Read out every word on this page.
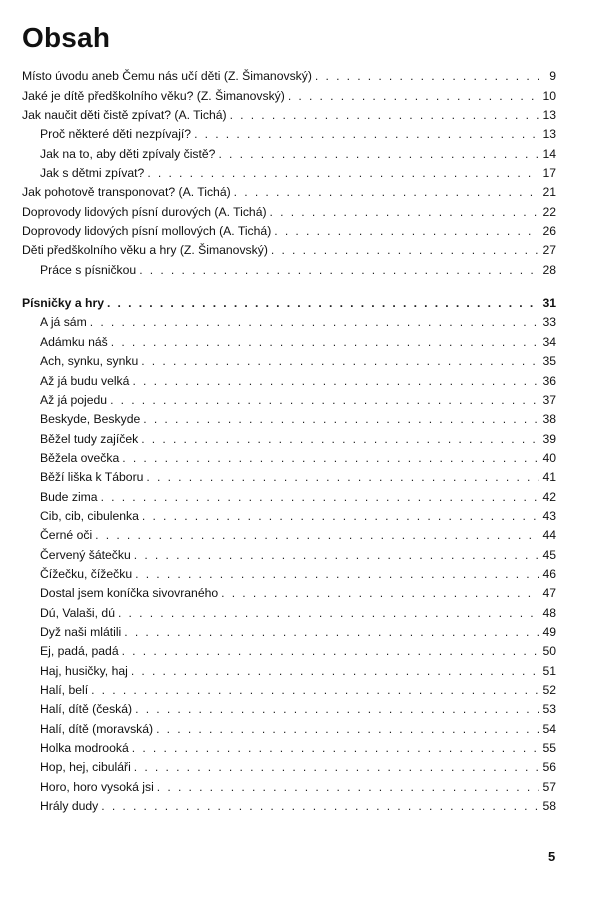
Obsah
Místo úvodu aneb Čemu nás učí děti (Z. Šimanovský) . . .	9
Jaké je dítě předškolního věku? (Z. Šimanovský) . . .	10
Jak naučit děti čistě zpívat? (A. Tichá) . . .	13
Proč některé děti nezpívají? . . .	13
Jak na to, aby děti zpívaly čistě? . . .	14
Jak s dětmi zpívat? . . .	17
Jak pohotově transponovat? (A. Tichá) . . .	21
Doprovody lidových písní durových (A. Tichá) . . .	22
Doprovody lidových písní mollových (A. Tichá) . . .	26
Děti předškolního věku a hry (Z. Šimanovský) . . .	27
Práce s písničkou . . .	28
Písničky a hry . . .	31
A já sám . . .	33
Adámku náš . . .	34
Ach, synku, synku . . .	35
Až já budu velká . . .	36
Až já pojedu . . .	37
Beskyde, Beskyde . . .	38
Běžel tudy zajíček . . .	39
Běžela ovečka . . .	40
Běží liška k Táboru . . .	41
Bude zima . . .	42
Cib, cib, cibulenka . . .	43
Černé oči . . .	44
Červený šátečku . . .	45
Čížečku, čížečku . . .	46
Dostal jsem koníčka sivovraného . . .	47
Dú, Valaši, dú . . .	48
Dyž naši mlátili . . .	49
Ej, padá, padá . . .	50
Haj, husičky, haj . . .	51
Halí, belí . . .	52
Halí, dítě (česká) . . .	53
Halí, dítě (moravská) . . .	54
Holka modrooká . . .	55
Hop, hej, cibuláři . . .	56
Horo, horo vysoká jsi . . .	57
Hrály dudy . . .	58
5
